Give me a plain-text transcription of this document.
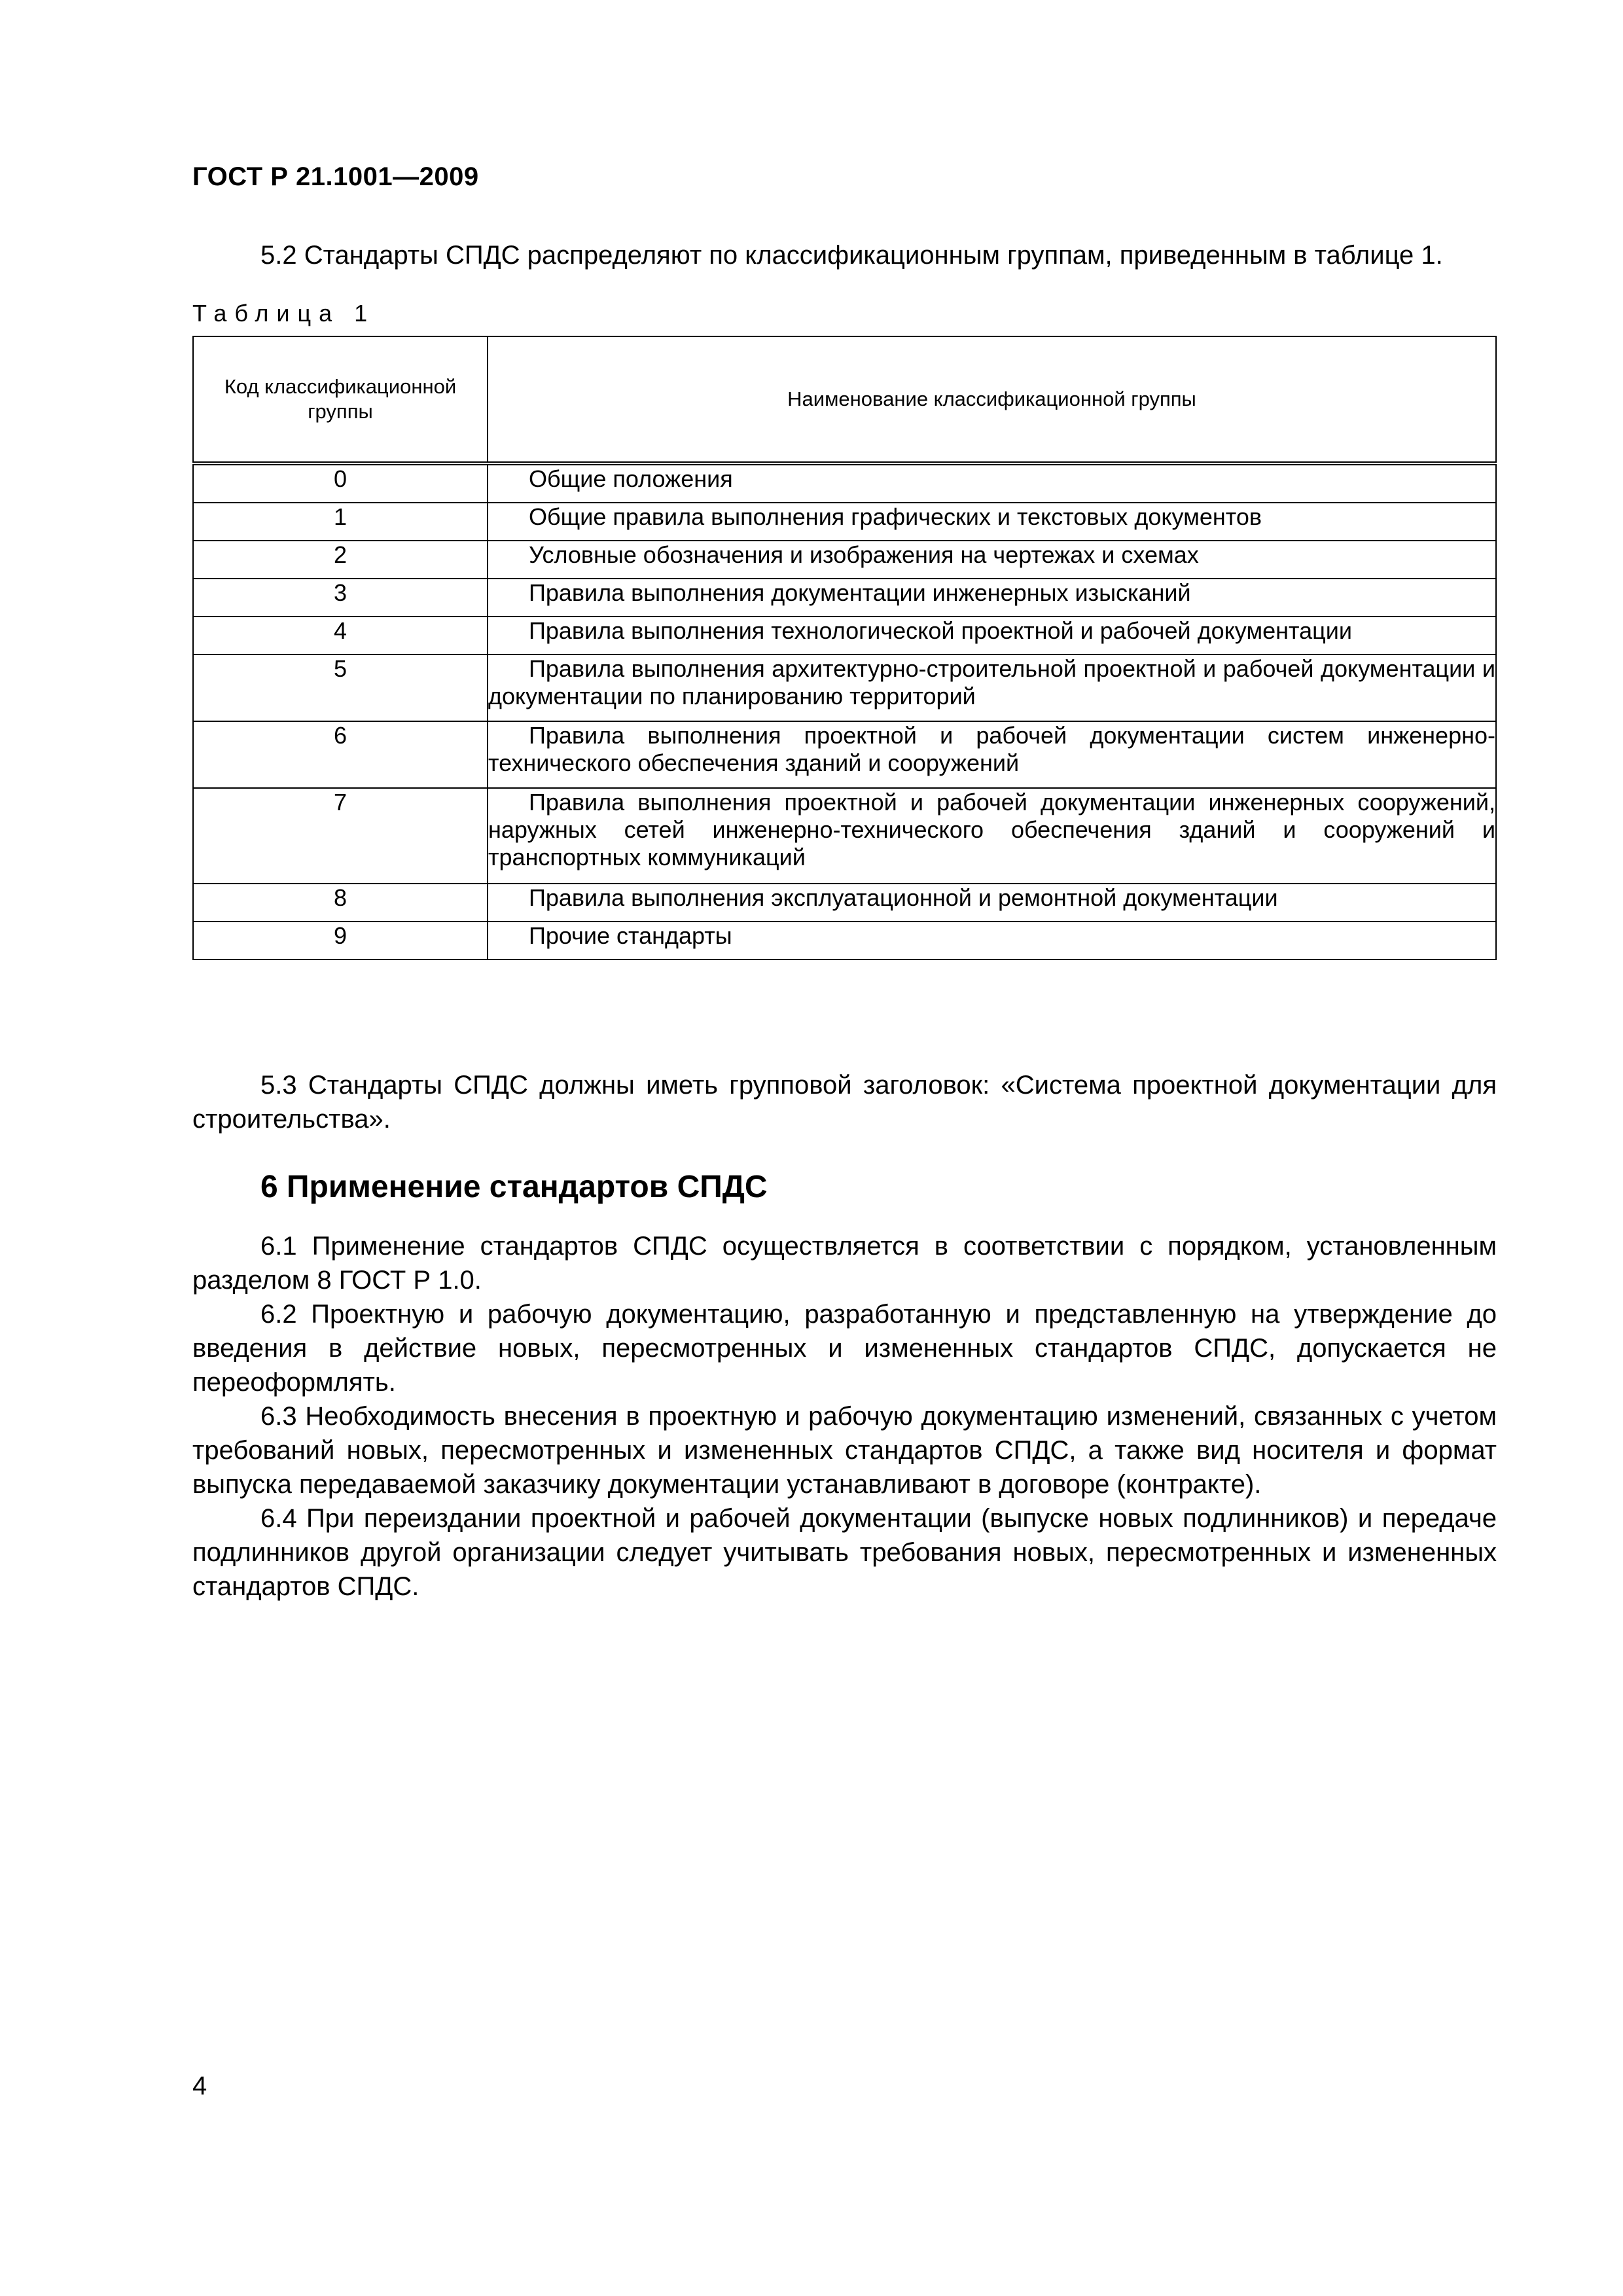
ГОСТ Р 21.1001—2009

5.2 Стандарты СПДС распределяют по классификационным группам, приведенным в таблице 1.

Таблица 1
Код классификационной группы	Наименование классификационной группы
0	Общие положения
1	Общие правила выполнения графических и текстовых документов
2	Условные обозначения и изображения на чертежах и схемах
3	Правила выполнения документации инженерных изысканий
4	Правила выполнения технологической проектной и рабочей документации
5	Правила выполнения архитектурно-строительной проектной и рабочей документации и документации по планированию территорий
6	Правила выполнения проектной и рабочей документации систем инженерно-технического обеспечения зданий и сооружений
7	Правила выполнения проектной и рабочей документации инженерных сооружений, наружных сетей инженерно-технического обеспечения зданий и сооружений и транспортных коммуникаций
8	Правила выполнения эксплуатационной и ремонтной документации
9	Прочие стандарты

5.3 Стандарты СПДС должны иметь групповой заголовок: «Система проектной документации для строительства».

6 Применение стандартов СПДС

6.1 Применение стандартов СПДС осуществляется в соответствии с порядком, установленным разделом 8 ГОСТ Р 1.0.

6.2 Проектную и рабочую документацию, разработанную и представленную на утверждение до введения в действие новых, пересмотренных и измененных стандартов СПДС, допускается не переоформлять.

6.3 Необходимость внесения в проектную и рабочую документацию изменений, связанных с учетом требований новых, пересмотренных и измененных стандартов СПДС, а также вид носителя и формат выпуска передаваемой заказчику документации устанавливают в договоре (контракте).

6.4 При переиздании проектной и рабочей документации (выпуске новых подлинников) и передаче подлинников другой организации следует учитывать требования новых, пересмотренных и измененных стандартов СПДС.

4
